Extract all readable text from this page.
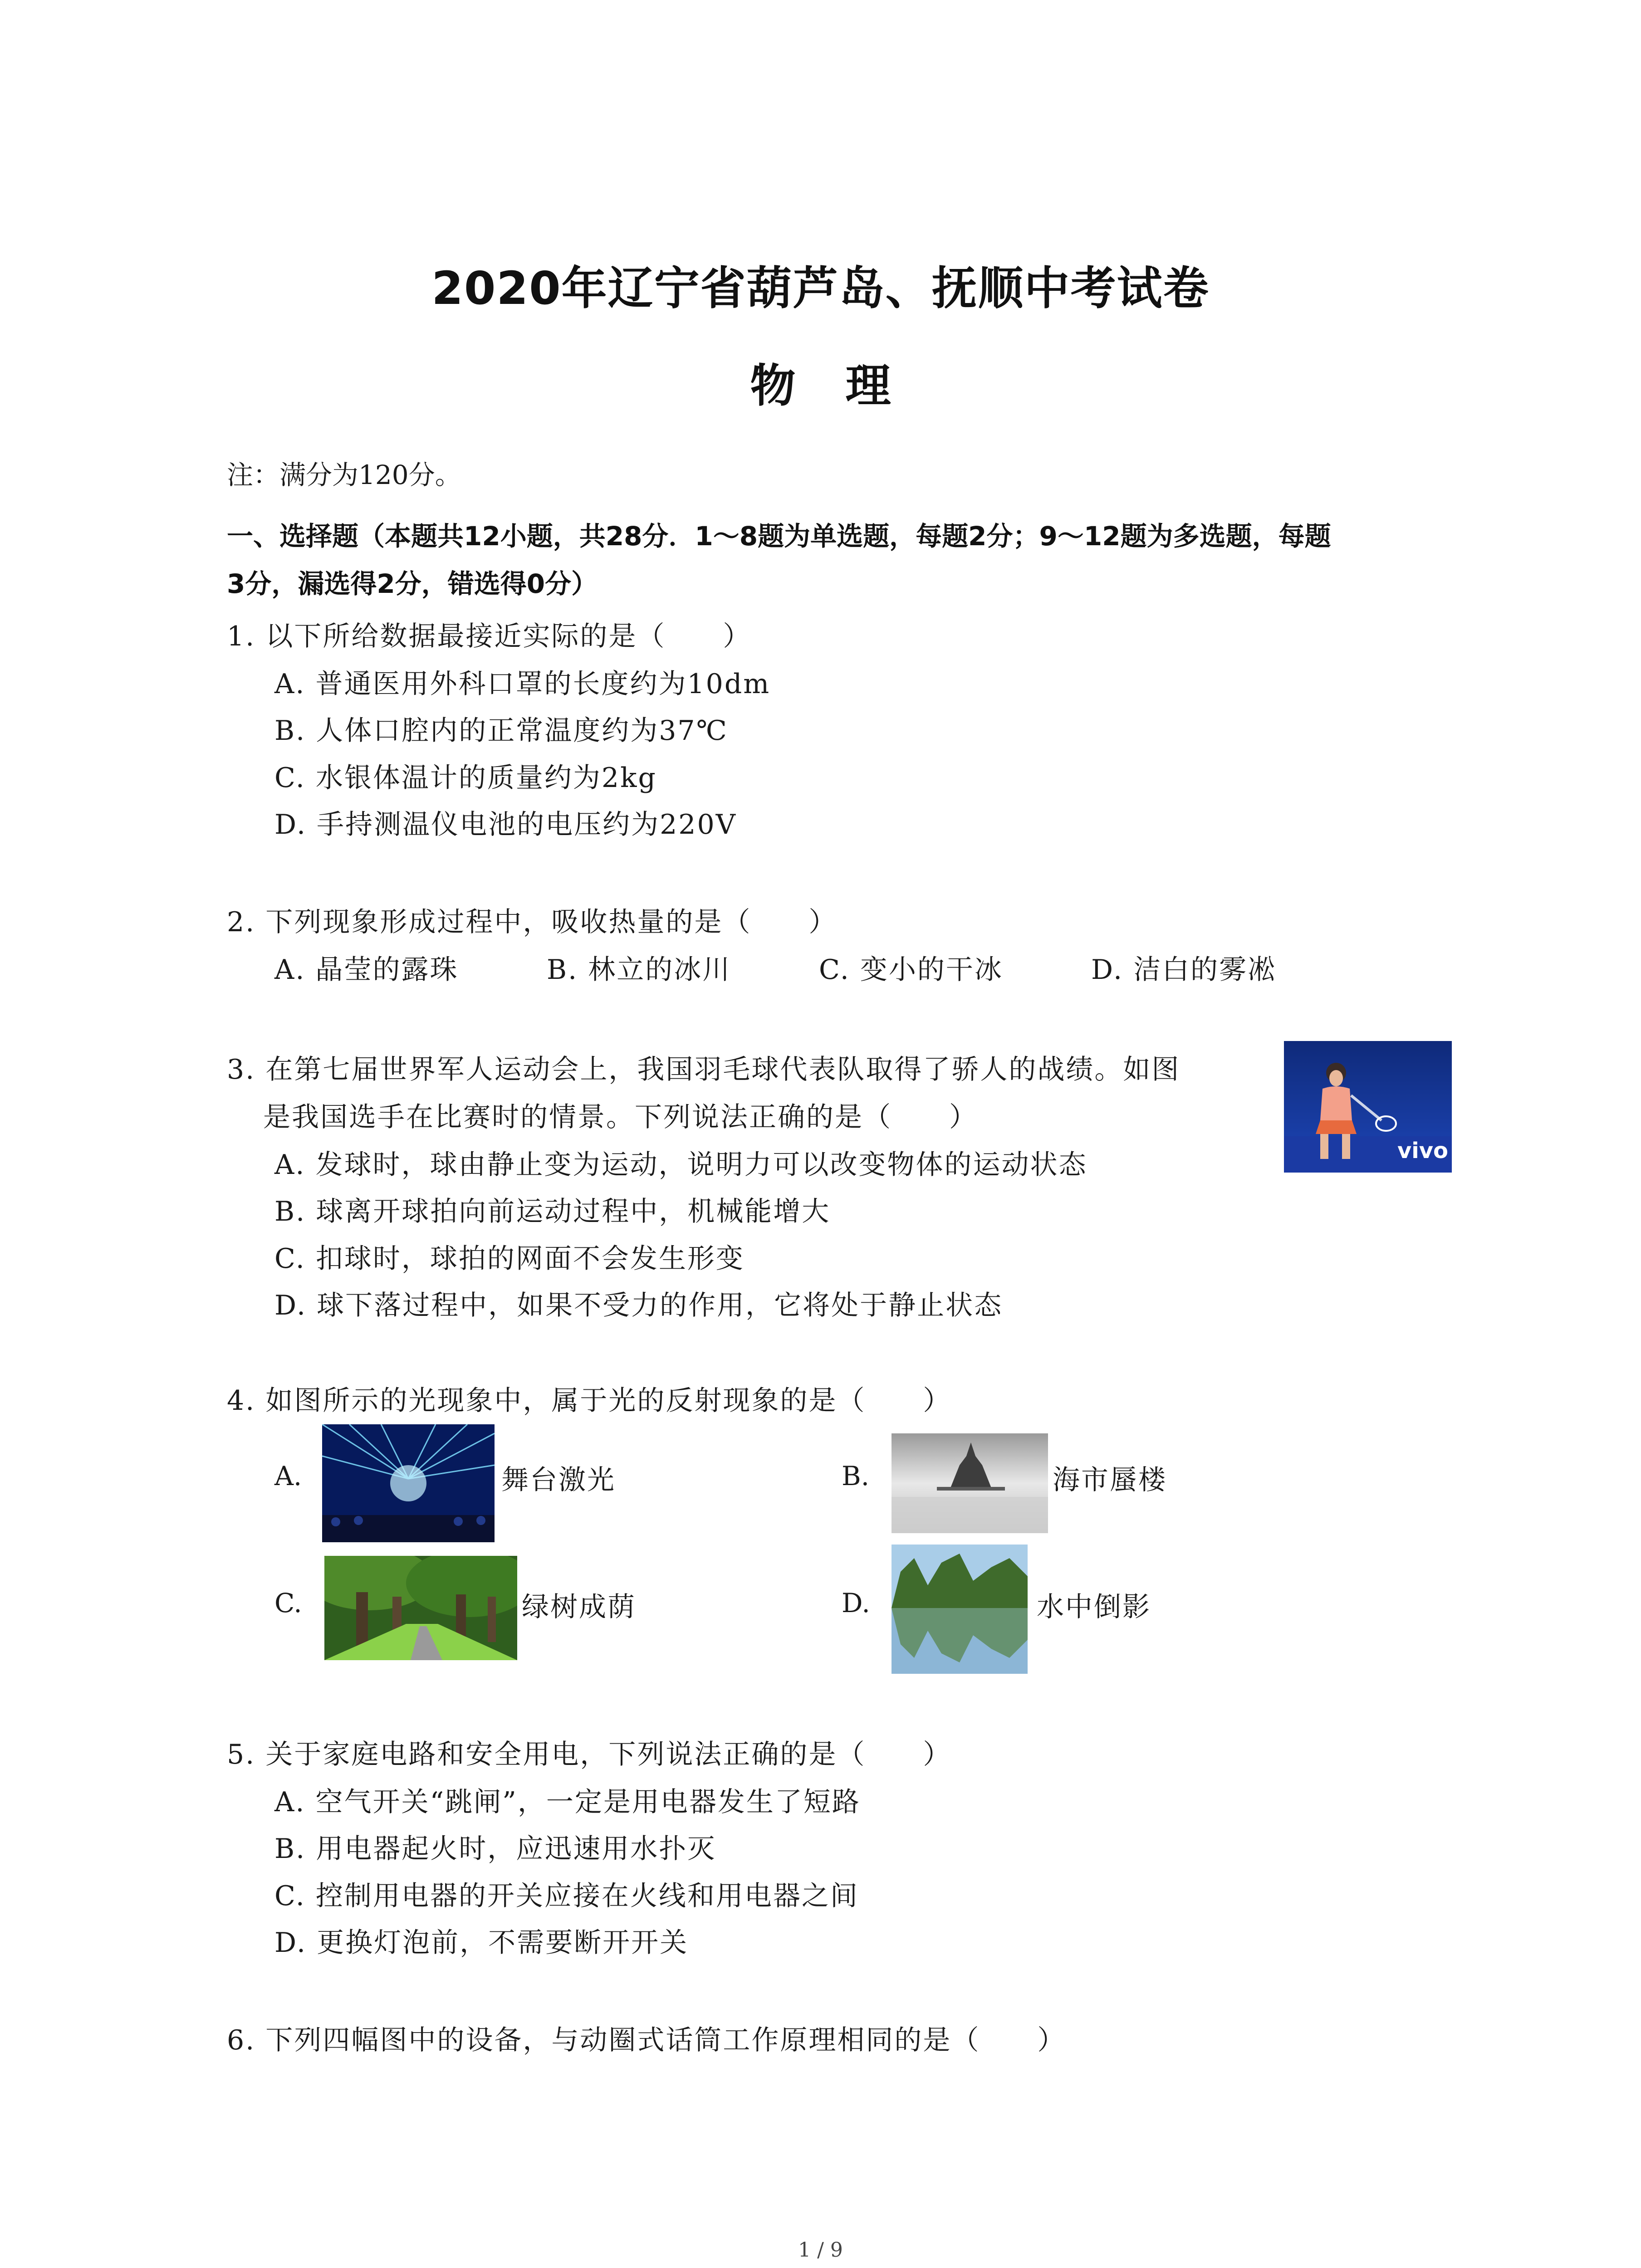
2020年辽宁省葫芦岛、抚顺中考试卷
物理
注：满分为120分。
一、选择题（本题共12小题，共28分．1～8题为单选题，每题2分；9～12题为多选题，每题
3分，漏选得2分，错选得0分）
1. 以下所给数据最接近实际的是（　　）
A. 普通医用外科口罩的长度约为10dm
B. 人体口腔内的正常温度约为37℃
C. 水银体温计的质量约为2kg
D. 手持测温仪电池的电压约为220V
2. 下列现象形成过程中，吸收热量的是（　　）
A. 晶莹的露珠	B. 林立的冰川	C. 变小的干冰	D. 洁白的雾凇
3. 在第七届世界军人运动会上，我国羽毛球代表队取得了骄人的战绩。如图
是我国选手在比赛时的情景。下列说法正确的是（　　）
A. 发球时，球由静止变为运动，说明力可以改变物体的运动状态
B. 球离开球拍向前运动过程中，机械能增大
C. 扣球时，球拍的网面不会发生形变
D. 球下落过程中，如果不受力的作用，它将处于静止状态
vivo
4. 如图所示的光现象中，属于光的反射现象的是（　　）
A.	舞台激光	B.	海市蜃楼
C.	绿树成荫	D.	水中倒影
5. 关于家庭电路和安全用电，下列说法正确的是（　　）
A. 空气开关“跳闸”，一定是用电器发生了短路
B. 用电器起火时，应迅速用水扑灭
C. 控制用电器的开关应接在火线和用电器之间
D. 更换灯泡前，不需要断开开关
6. 下列四幅图中的设备，与动圈式话筒工作原理相同的是（　　）
1 / 9
